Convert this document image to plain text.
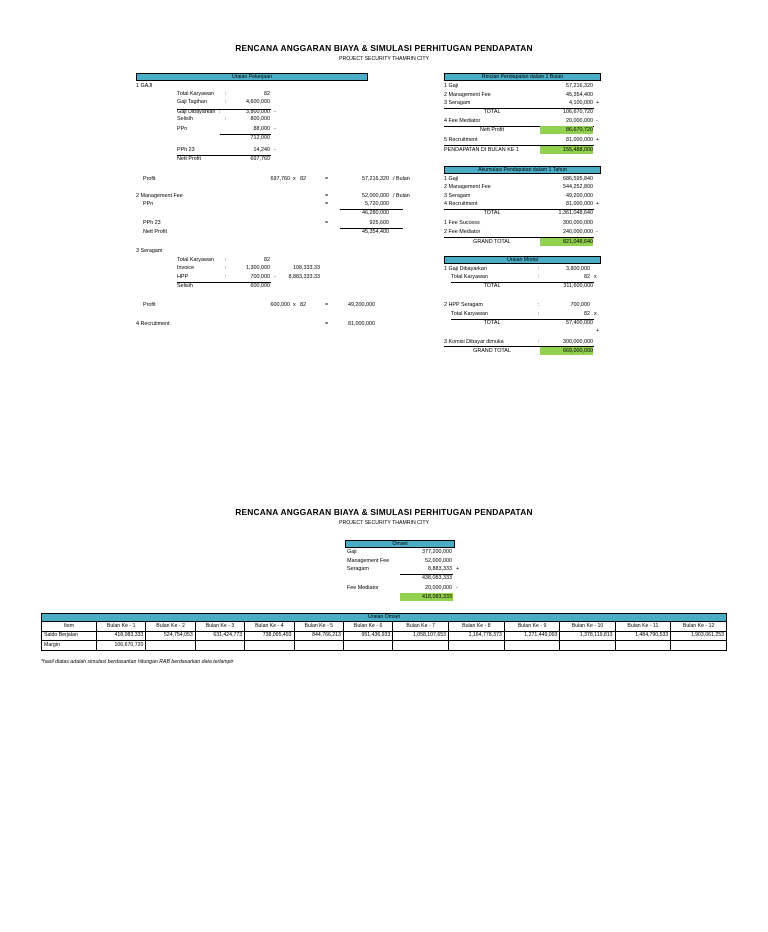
RENCANA ANGGARAN BIAYA & SIMULASI PERHITUGAN PENDAPATAN
PROJECT SECURITY THAMRIN CITY
Uraian Pekerjaan
1 GAJI
Total Karyawan :	82
Gaji Tagihan	:	4,600,000
Gaji Dibayarkan :	3,800,000 -
Selisih	:	800,000
PPn	88,000 -
712,000
PPh 23	14,240 -
Nett Profit	697,760
Profit	697,760 x 82	=	57,216,320 / Bulan
2 Management Fee	=	52,000,000 / Bulan
PPn	=	5,720,000
46,280,000
PPh 23	=	925,600
Nett Profit	45,354,400
3 Seragam
Total Karyawan :	82
Invoice	:	1,300,000	108,333.33
HPP	:	700,000 -	8,883,333.33
Selisih	600,000
Profit	600,000 x 82	=	49,200,000
4 Recrutiment	=	81,000,000
Rincian Pendapatan dalam 1 Bulan
1 Gaji	57,216,320
2 Management Fee	45,354,400
3 Seragam	4,100,000 +
TOTAL	106,670,720
4 Fee Mediator	20,000,000 -
Nett Profit	86,670,720
5 Recruitment	81,000,000 +
PENDAPATAN DI BULAN KE 1	155,488,000
Akumulasi Pendapatan dalam 1 Tahun
1 Gaji	686,595,840
2 Management Fee	544,252,800
3 Seragam	49,200,000
4 Recruitment	81,000,000 +
TOTAL	1,361,048,640
1 Fee Success	300,000,000
2 Fee Mediator	240,000,000 -
GRAND TOTAL	821,048,640
Uraian Modal
1 Gaji Dibayarkan	:	3,800,000
Total Karyawan	:	82 x
TOTAL	311,600,000
2 HPP Seragam	:	700,000
Total Karyawan	:	82 x
TOTAL	57,400,000
+
3 Komisi Dibayar dimuka	:	300,000,000
GRAND TOTAL	669,000,000
RENCANA ANGGARAN BIAYA & SIMULASI PERHITUGAN PENDAPATAN
PROJECT SECURITY THAMRIN CITY
Omset
Gaji	377,200,000
Management Fee	52,000,000
Seragam	8,883,333 +
438,083,333
Fee Mediator	20,000,000 -
418,083,333
Uraian Omset
Item	Bulan Ke - 1	Bulan Ke - 2	Bulan Ke - 3	Bulan Ke - 4	Bulan Ke - 5	Bulan Ke - 6	Bulan Ke - 7	Bulan Ke - 8	Bulan Ke - 9	Bulan Ke - 10	Bulan Ke - 11	Bulan Ke - 12
Saldo Berjalan	418,083,333	524,754,053	631,424,773	738,095,493	844,766,213	951,436,933	1,058,107,653	1,164,778,373	1,271,449,093	1,378,119,813	1,484,790,533	1,903,061,253
Margin	106,670,720											
*hasil diatas adalah simulasi berdasarkan hitungan RAB berdasarkan data terlampir
